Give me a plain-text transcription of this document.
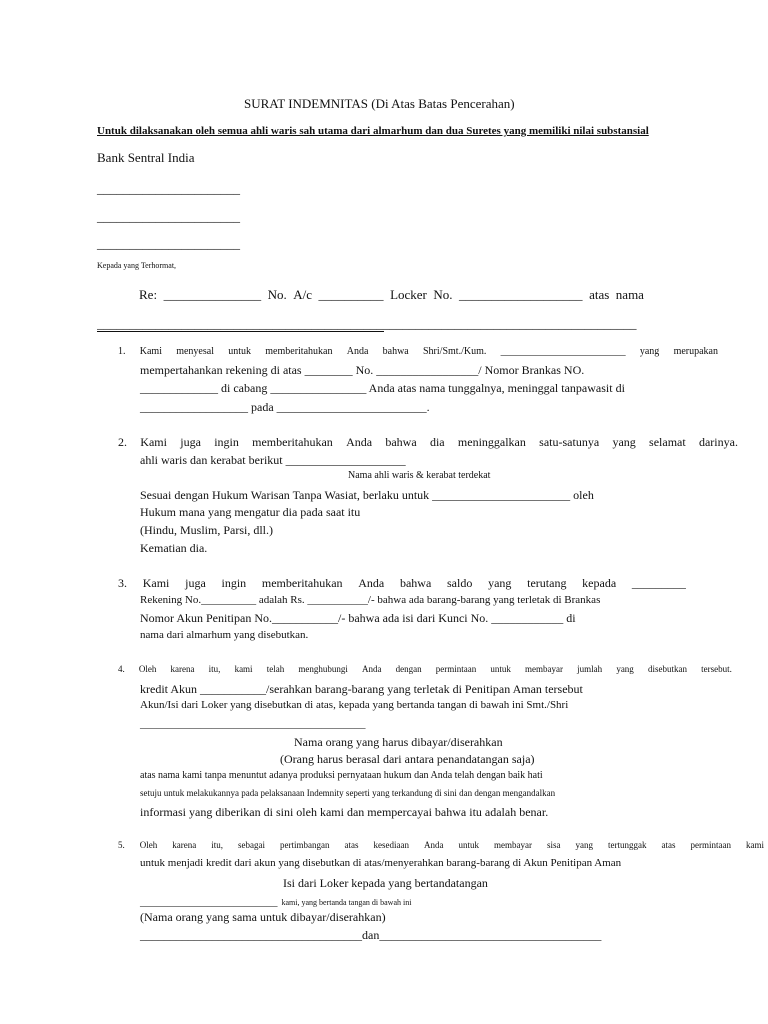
SURAT INDEMNITAS (Di Atas Batas Pencerahan)
Untuk dilaksanakan oleh semua ahli waris sah utama dari almarhum dan dua Suretes yang memiliki nilai substansial
Bank Sentral India
______________________
______________________
______________________
Kepada yang Terhormat,
Re: _______________ No. A/c __________ Locker No. ___________________ atas nama
___________________________________________________________________________________
1. Kami menyesal untuk memberitahukan Anda bahwa Shri/Smt./Kum. _________________________ yang merupakan
mempertahankan rekening di atas ________ No. _________________/ Nomor Brankas NO.
_____________ di cabang ________________ Anda atas nama tunggalnya, meninggal tanpawasit di
__________________ pada _________________________.
2. Kami juga ingin memberitahukan Anda bahwa dia meninggalkan satu-satunya yang selamat darinya.
ahli waris dan kerabat berikut ____________________
Nama ahli waris & kerabat terdekat
Sesuai dengan Hukum Warisan Tanpa Wasiat, berlaku untuk _______________________ oleh
Hukum mana yang mengatur dia pada saat itu
(Hindu, Muslim, Parsi, dll.)
Kematian dia.
3. Kami juga ingin memberitahukan Anda bahwa saldo yang terutang kepada _________
Rekening No.__________ adalah Rs. ___________/- bahwa ada barang-barang yang terletak di Brankas
Nomor Akun Penitipan No.___________/- bahwa ada isi dari Kunci No. ____________ di
nama dari almarhum yang disebutkan.
4. Oleh karena itu, kami telah menghubungi Anda dengan permintaan untuk membayar jumlah yang disebutkan tersebut.
kredit Akun ___________/serahkan barang-barang yang terletak di Penitipan Aman tersebut
Akun/Isi dari Loker yang disebutkan di atas, kepada yang bertanda tangan di bawah ini Smt./Shri
_________________________________________
Nama orang yang harus dibayar/diserahkan
(Orang harus berasal dari antara penandatangan saja)
atas nama kami tanpa menuntut adanya produksi pernyataan hukum dan Anda telah dengan baik hati
setuju untuk melakukannya pada pelaksanaan Indemnity seperti yang terkandung di sini dan dengan mengandalkan
informasi yang diberikan di sini oleh kami dan mempercayai bahwa itu adalah benar.
5. Oleh karena itu, sebagai pertimbangan atas kesediaan Anda untuk membayar sisa yang tertunggak atas permintaan kami
untuk menjadi kredit dari akun yang disebutkan di atas/menyerahkan barang-barang di Akun Penitipan Aman
Isi dari Loker kepada yang bertandatangan
_________________________ kami, yang bertanda tangan di bawah ini
(Nama orang yang sama untuk dibayar/diserahkan)
_____________________________________dan_____________________________________
